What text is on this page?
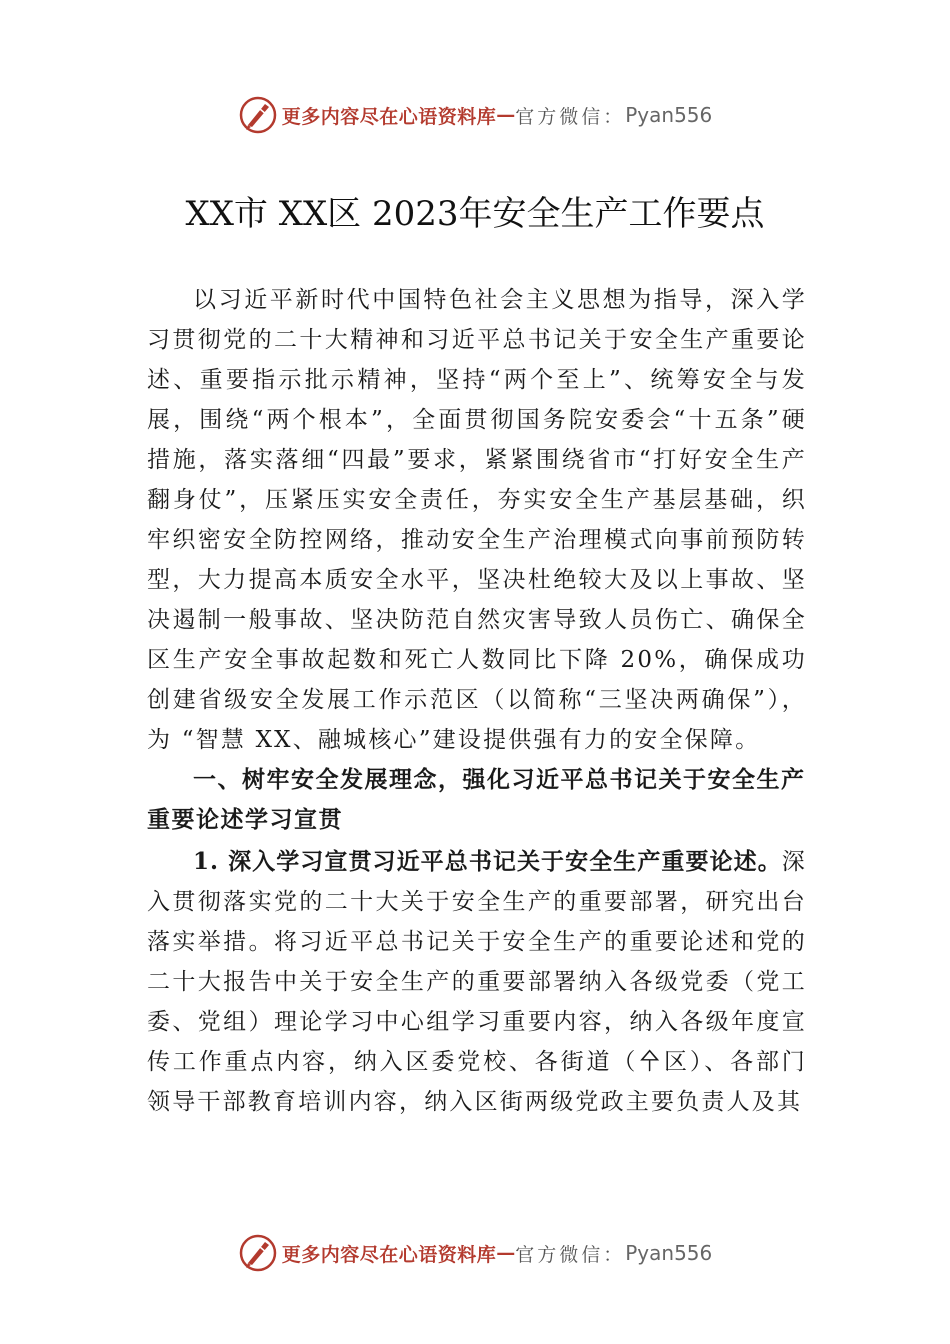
更多内容尽在心语资料库 — 官方微信： Pyan556
XX市 XX区 2023年安全生产工作要点

以习近平新时代中国特色社会主义思想为指导，深入学习贯彻党的二十大精神和习近平总书记关于安全生产重要论述、重要指示批示精神，坚持“两个至上”、统筹安全与发展，围绕“两个根本”，全面贯彻国务院安委会“十五条”硬措施，落实落细“四最”要求，紧紧围绕省市“打好安全生产翻身仗”，压紧压实安全责任，夯实安全生产基层基础，织牢织密安全防控网络，推动安全生产治理模式向事前预防转型，大力提高本质安全水平，坚决杜绝较大及以上事故、坚决遏制一般事故、坚决防范自然灾害导致人员伤亡、确保全区生产安全事故起数和死亡人数同比下降 20%，确保成功创建省级安全发展工作示范区（以简称“三坚决两确保”），为 “智慧 XX、融城核心”建设提供强有力的安全保障。

一、树牢安全发展理念，强化习近平总书记关于安全生产重要论述学习宣贯

1. 深入学习宣贯习近平总书记关于安全生产重要论述。深入贯彻落实党的二十大关于安全生产的重要部署，研究出台落实举措。将习近平总书记关于安全生产的重要论述和党的二十大报告中关于安全生产的重要部署纳入各级党委（党工委、党组）理论学习中心组学习重要内容，纳入各级年度宣传工作重点内容，纳入区委党校、各街道（㐃区）、各部门领导干部教育培训内容，纳入区街两级党政主要负责人及其

更多内容尽在心语资料库 — 官方微信： Pyan556
